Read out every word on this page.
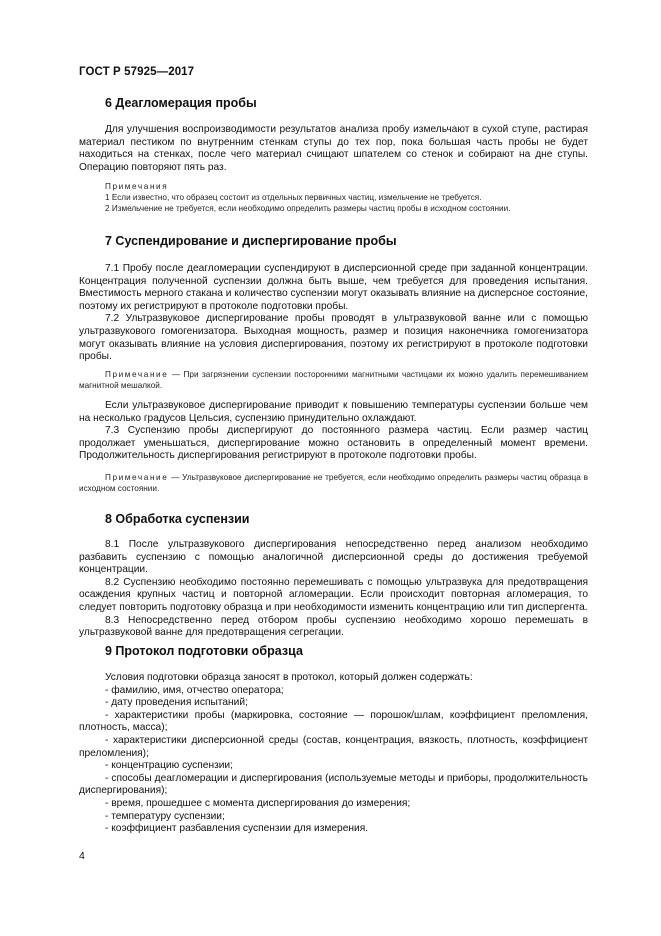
ГОСТ Р 57925—2017
6 Деагломерация пробы

Для улучшения воспроизводимости результатов анализа пробу измельчают в сухой ступе, растирая материал пестиком по внутренним стенкам ступы до тех пор, пока большая часть пробы не будет находиться на стенках, после чего материал счищают шпателем со стенок и собирают на дне ступы. Операцию повторяют пять раз.

Примечания

1 Если известно, что образец состоит из отдельных первичных частиц, измельчение не требуется.

2 Измельчение не требуется, если необходимо определить размеры частиц пробы в исходном состоянии.

7 Суспендирование и диспергирование пробы

7.1 Пробу после деагломерации суспендируют в дисперсионной среде при заданной концентрации. Концентрация полученной суспензии должна быть выше, чем требуется для проведения испытания. Вместимость мерного стакана и количество суспензии могут оказывать влияние на дисперсное состояние, поэтому их регистрируют в протоколе подготовки пробы.

7.2 Ультразвуковое диспергирование пробы проводят в ультразвуковой ванне или с помощью ультразвукового гомогенизатора. Выходная мощность, размер и позиция наконечника гомогенизатора могут оказывать влияние на условия диспергирования, поэтому их регистрируют в протоколе подготовки пробы.

Примечание — При загрязнении суспензии посторонними магнитными частицами их можно удалить перемешиванием магнитной мешалкой.

Если ультразвуковое диспергирование приводит к повышению температуры суспензии больше чем на несколько градусов Цельсия, суспензию принудительно охлаждают.

7.3 Суспензию пробы диспергируют до постоянного размера частиц. Если размер частиц продолжает уменьшаться, диспергирование можно остановить в определенный момент времени. Продолжительность диспергирования регистрируют в протоколе подготовки пробы.

Примечание — Ультразвуковое диспергирование не требуется, если необходимо определить размеры частиц образца в исходном состоянии.

8 Обработка суспензии

8.1 После ультразвукового диспергирования непосредственно перед анализом необходимо разбавить суспензию с помощью аналогичной дисперсионной среды до достижения требуемой концентрации.

8.2 Суспензию необходимо постоянно перемешивать с помощью ультразвука для предотвращения осаждения крупных частиц и повторной агломерации. Если происходит повторная агломерация, то следует повторить подготовку образца и при необходимости изменить концентрацию или тип диспергента.

8.3 Непосредственно перед отбором пробы суспензию необходимо хорошо перемешать в ультразвуковой ванне для предотвращения сегрегации.

9 Протокол подготовки образца

Условия подготовки образца заносят в протокол, который должен содержать:

- фамилию, имя, отчество оператора;

- дату проведения испытаний;

- характеристики пробы (маркировка, состояние — порошок/шлам, коэффициент преломления, плотность, масса);

- характеристики дисперсионной среды (состав, концентрация, вязкость, плотность, коэффициент преломления);

- концентрацию суспензии;

- способы деагломерации и диспергирования (используемые методы и приборы, продолжительность диспергирования);

- время, прошедшее с момента диспергирования до измерения;

- температуру суспензии;

- коэффициент разбавления суспензии для измерения.

4
